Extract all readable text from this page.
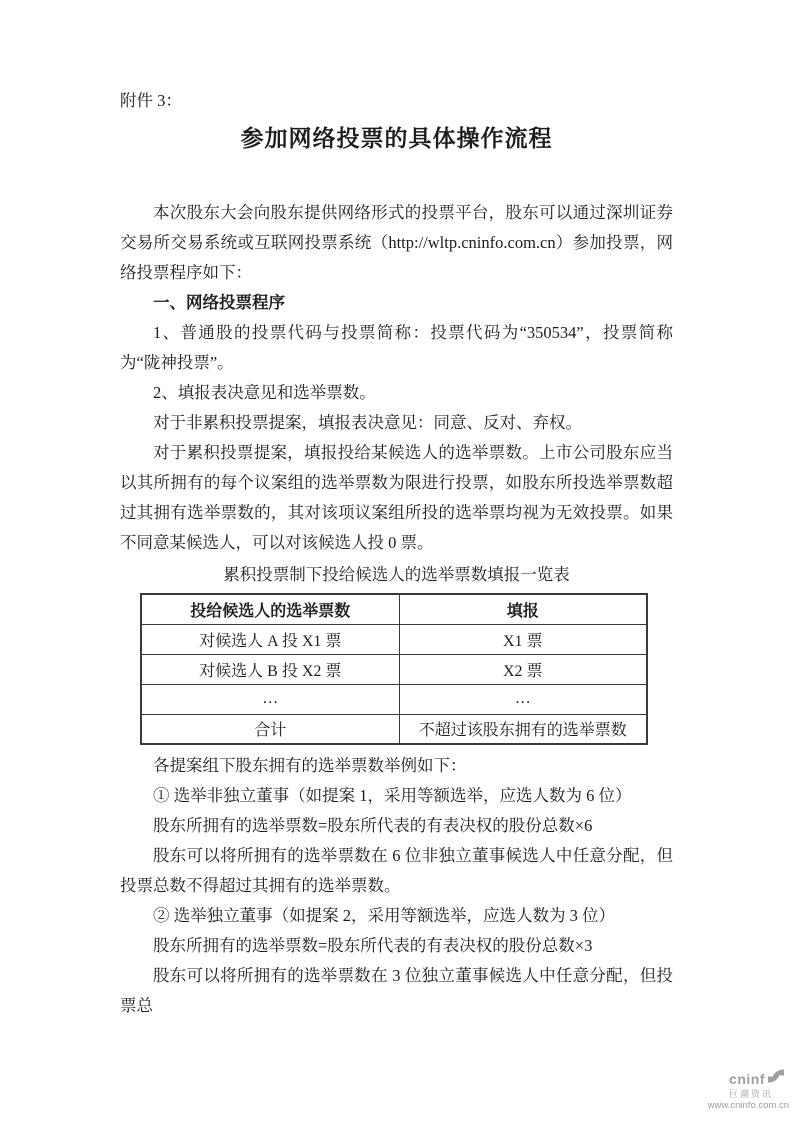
附件 3：
参加网络投票的具体操作流程

本次股东大会向股东提供网络形式的投票平台，股东可以通过深圳证券交易所交易系统或互联网投票系统（http://wltp.cninfo.com.cn）参加投票，网络投票程序如下：

一、网络投票程序

1、普通股的投票代码与投票简称：投票代码为“350534”，投票简称为“陇神投票”。

2、填报表决意见和选举票数。

对于非累积投票提案，填报表决意见：同意、反对、弃权。

对于累积投票提案，填报投给某候选人的选举票数。上市公司股东应当以其所拥有的每个议案组的选举票数为限进行投票，如股东所投选举票数超过其拥有选举票数的，其对该项议案组所投的选举票均视为无效投票。如果不同意某候选人，可以对该候选人投 0 票。

累积投票制下投给候选人的选举票数填报一览表
投给候选人的选举票数	填报
对候选人 A 投 X1 票	X1 票
对候选人 B 投 X2 票	X2 票
…	…
合计	不超过该股东拥有的选举票数

各提案组下股东拥有的选举票数举例如下：

① 选举非独立董事（如提案 1，采用等额选举，应选人数为 6 位）

股东所拥有的选举票数=股东所代表的有表决权的股份总数×6

股东可以将所拥有的选举票数在 6 位非独立董事候选人中任意分配，但投票总数不得超过其拥有的选举票数。

② 选举独立董事（如提案 2，采用等额选举，应选人数为 3 位）

股东所拥有的选举票数=股东所代表的有表决权的股份总数×3

股东可以将所拥有的选举票数在 3 位独立董事候选人中任意分配，但投票总

cninf
巨潮资讯
www.cninfo.com.cn
